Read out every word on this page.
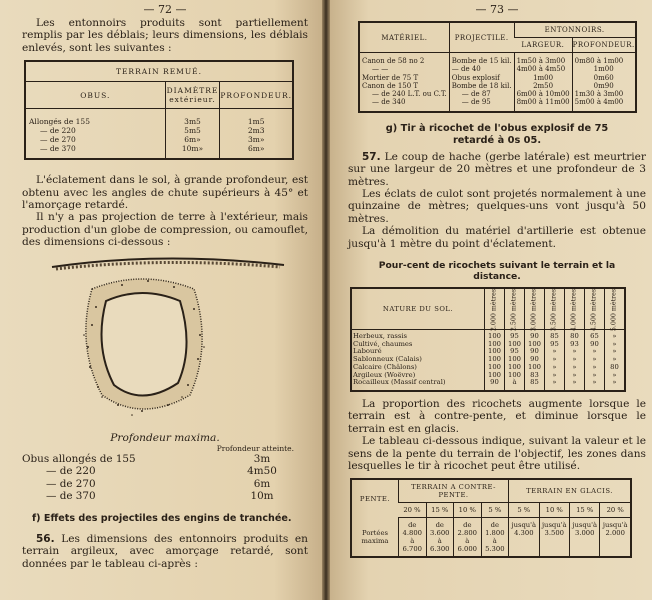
— 72 —

Les entonnoirs produits sont partiellement remplis par les déblais; leurs dimensions, les déblais enlevés, sont les suivantes :

TERRAIN REMUÉ.		
OBUS.	DIAMÈTRE extérieur.	PROFONDEUR.

Allongés de 155	3m5	1m5
— de 220	5m5	2m3
— de 270	6m»	3m»
— de 370	10m»	6m»

L'éclatement dans le sol, à grande profondeur, est obtenu avec les angles de chute supérieurs à 45° et l'amorçage retardé.

Il n'y a pas projection de terre à l'extérieur, mais production d'un globe de compression, ou camouflet, des dimensions ci-dessous :

Profondeur maxima.
Profondeur atteinte.
Obus allongés de 155	3m
— de 220	4m50
— de 270	6m
— de 370	10m

f) Effets des projectiles des engins de tranchée.

56. Les dimensions des entonnoirs produits en terrain argileux, avec amorçage retardé, sont données par le tableau ci-après :

— 73 —
MATÉRIEL.	PROJECTILE.	ENTONNOIRS.	
		LARGEUR.	PROFONDEUR.

Canon de 58 no 2	Bombe de 15 kil.	1m50 à 3m00	0m80 à 1m00
— —	— de 40	4m00 à 4m50	1m00
Mortier de 75 T	Obus explosif	1m00	0m60
Canon de 150 T	Bombe de 18 kil.	2m50	0m90
— de 240 L.T. ou C.T.	— de 87	6m00 à 10m00	1m30 à 3m00
— de 340	— de 95	8m00 à 11m00	5m00 à 4m00

g) Tir à ricochet de l'obus explosif de 75 retardé à 0s 05.

57. Le coup de hache (gerbe latérale) est meurtrier sur une largeur de 20 mètres et une profondeur de 3 mètres.

Les éclats de culot sont projetés normalement à une quinzaine de mètres; quelques-uns vont jusqu'à 50 mètres.

La démolition du matériel d'artillerie est obtenue jusqu'à 1 mètre du point d'éclatement.

Pour-cent de ricochets suivant le terrain et la distance.
NATURE DU SOL.	2.000 mètres.	2.500 mètres.	3.000 mètres.	3.500 mètres.	4.000 mètres.	4.500 mètres.	5.000 mètres.

Herbeux, rassis	100	95	90	85	80	65	»
Cultivé, chaumes	100	100	100	95	93	90	»
Labouré	100	95	90	»	»	»	»
Sablonneux (Calais)	100	100	90	»	»	»	»
Calcaire (Châlons)	100	100	100	»	»	»	80
Argileux (Woëvre)	100	100	83	»	»	»	»
Rocailleux (Massif central)	90	à	85	»	»	»	»

La proportion des ricochets augmente lorsque le terrain est à contre-pente, et diminue lorsque le terrain est en glacis.

Le tableau ci-dessous indique, suivant la valeur et le sens de la pente du terrain de l'objectif, les zones dans lesquelles le tir à ricochet peut être utilisé.

PENTE.	TERRAIN A CONTRE-PENTE.				TERRAIN EN GLACIS.			
	20 %	15 %	10 %	5 %	5 %	10 %	15 %	20 %
Portées maxima	de 4.800 à 6.700	de 3.600 à 6.300	de 2.800 à 6.000	de 1.800 à 5.300	jusqu'à 4.300	jusqu'à 3.500	jusqu'à 3.000	jusqu'à 2.000
